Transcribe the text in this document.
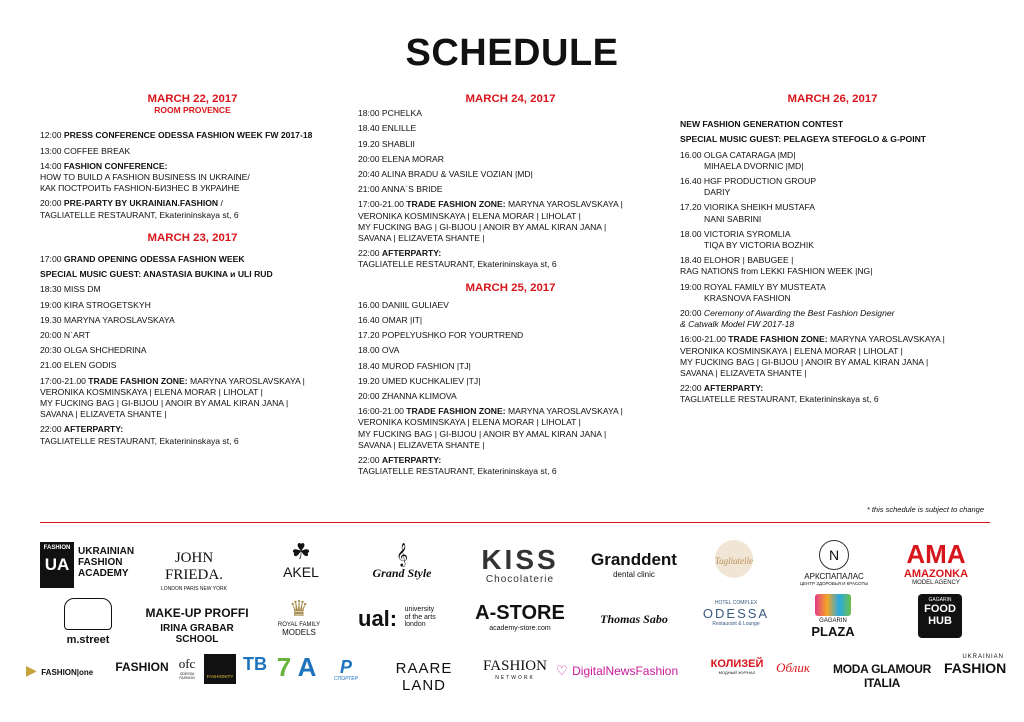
SCHEDULE
MARCH 22, 2017
ROOM PROVENCE
12:00 PRESS CONFERENCE ODESSA FASHION WEEK FW 2017-18
13:00 COFFEE BREAK
14:00 FASHION CONFERENCE:
HOW TO BUILD A FASHION BUSINESS IN UKRAINE/
КАК ПОСТРОИТЬ FASHION-БИЗНЕС В УКРАИНЕ
20:00 PRE-PARTY BY UKRAINIAN.FASHION /
TAGLIATELLE RESTAURANT, Ekaterininskaya st, 6
MARCH 23, 2017
17:00 GRAND OPENING ODESSA FASHION WEEK
SPECIAL MUSIC GUEST: ANASTASIA BUKINA и ULI RUD
18:30 MISS DM
19:00 KIRA STROGETSKYH
19.30 MARYNA YAROSLAVSKAYA
20:00 N`ART
20:30 OLGA SHCHEDRINA
21.00 ELEN GODIS
17:00-21.00 TRADE FASHION ZONE: MARYNA YAROSLAVSKAYA |
VERONIKA KOSMINSKAYA | ELENA MORAR | LIHOLAT |
MY FUCKING BAG | GI-BIJOU | ANOIR BY AMAL KIRAN JANA |
SAVANA | ELIZAVETA SHANTE |
22:00 AFTERPARTY:
TAGLIATELLE RESTAURANT, Ekaterininskaya st, 6
MARCH 24, 2017
18:00 PCHELKA
18.40 ENLILLE
19.20 SHABLII
20:00 ELENA MORAR
20:40 ALINA BRADU & VASILE VOZIAN |MD|
21:00 ANNA`S BRIDE
17:00-21.00 TRADE FASHION ZONE: MARYNA YAROSLAVSKAYA |
VERONIKA KOSMINSKAYA | ELENA MORAR | LIHOLAT |
MY FUCKING BAG | GI-BIJOU | ANOIR BY AMAL KIRAN JANA |
SAVANA | ELIZAVETA SHANTE |
22:00 AFTERPARTY:
TAGLIATELLE RESTAURANT, Ekaterininskaya st, 6
MARCH 25, 2017
16.00 DANIIL GULIAEV
16.40 OMAR |IT|
17.20 POPELYUSHKO FOR YOURTREND
18.00 OVA
18.40 MUROD FASHION |TJ|
19.20 UMED KUCHKALIEV |TJ|
20:00 ZHANNA KLIMOVA
16:00-21.00 TRADE FASHION ZONE: MARYNA YAROSLAVSKAYA |
VERONIKA KOSMINSKAYA | ELENA MORAR | LIHOLAT |
MY FUCKING BAG | GI-BIJOU | ANOIR BY AMAL KIRAN JANA |
SAVANA | ELIZAVETA SHANTE |
22:00 AFTERPARTY:
TAGLIATELLE RESTAURANT, Ekaterininskaya st, 6
MARCH 26, 2017
NEW FASHION GENERATION CONTEST
SPECIAL MUSIC GUEST: PELAGEYA STEFOGLO & G-POINT
16.00 OLGA CATARAGA |MD|
MIHAELA DVORNIC |MD|
16.40 HGF PRODUCTION GROUP
DARIY
17.20 VIORIKA SHEIKH MUSTAFA
NANI SABRINI
18.00 VICTORIA SYROMLIA
TIQA BY VICTORIA BOZHIK
18.40 ELOHOR | BABUGEE |
RAG NATIONS from LEKKI FASHION WEEK |NG|
19:00 ROYAL FAMILY BY MUSTEATA
KRASNOVA FASHION
20:00 Ceremony of Awarding the Best Fashion Designer
& Catwalk Model FW 2017-18
16:00-21.00 TRADE FASHION ZONE: MARYNA YAROSLAVSKAYA |
VERONIKA KOSMINSKAYA | ELENA MORAR | LIHOLAT |
MY FUCKING BAG | GI-BIJOU | ANOIR BY AMAL KIRAN JANA |
SAVANA | ELIZAVETA SHANTE |
22:00 AFTERPARTY:
TAGLIATELLE RESTAURANT, Ekaterininskaya st, 6
* this schedule is subject to change
FASHION
UA
UKRAINIAN
FASHION
ACADEMY
JOHN FRIEDA.
LONDON PARIS NEW YORK
☘
AKEL
𝄞
Grand Style	KISS
Chocolaterie
Granddent
dental clinic
Tagliatelle	N
АРКСПАПАЛАС
ЦЕНТР ЗДОРОВЬЯ И КРАСОТЫ
AMA
AMAZONKA
MODEL AGENCY
m.street
MAKE-UP PROFFI
IRINA GRABAR SCHOOL
♛
ROYAL FAMILY
MODELS
ual: university
of the arts
london
A-STORE
academy-store.com
Thomas Sabo
HOTEL COMPLEX
ODESSA
Restaurant & Lounge	GAGARIN
PLAZA
GAGARIN
FOOD
HUB
▶ FASHION|one	FASHION ofc
ODESSA FASHION	FASHIONITY
ТВ 7 А	P
СПОРТЕР
RAARE LAND
FASHION
NETWORK	♡ DigitalNewsFashion	КОЛИЗЕЙ
МОДНЫЙ ЖУРНАЛ	Облик	MODA GLAMOUR ITALIA
UKRAINIAN
FASHION
